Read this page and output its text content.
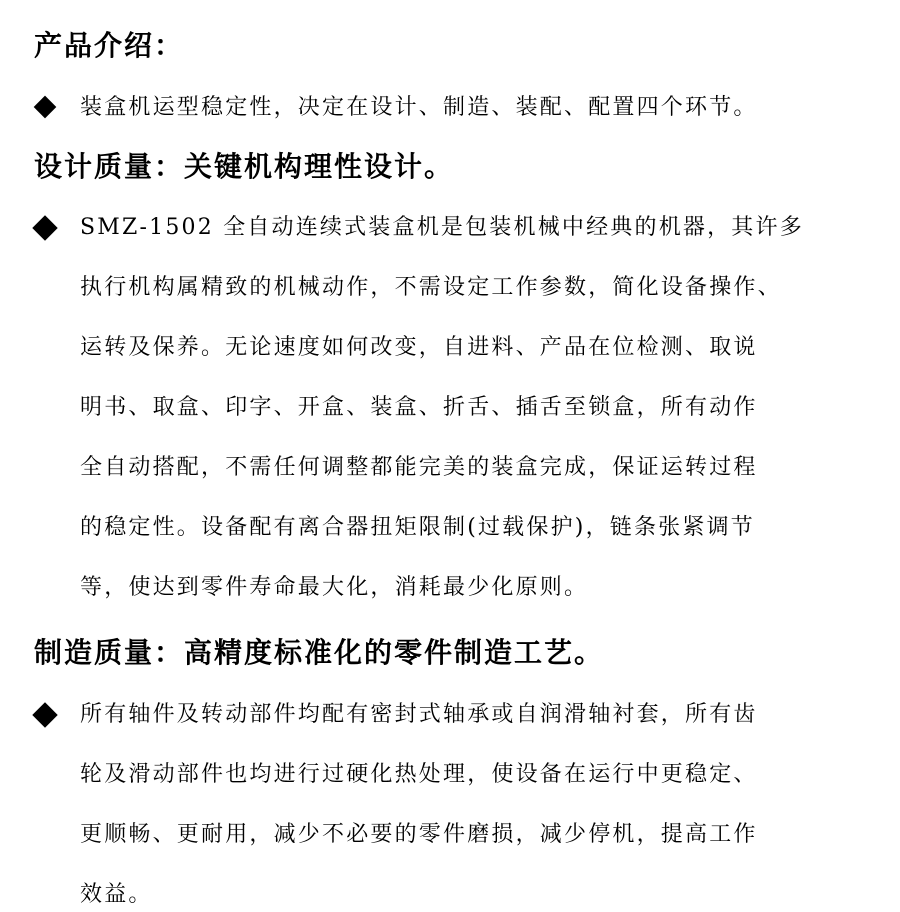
产品介绍：
装盒机运型稳定性，决定在设计、制造、装配、配置四个环节。
设计质量：关键机构理性设计。
SMZ-1502 全自动连续式装盒机是包装机械中经典的机器，其许多
执行机构属精致的机械动作，不需设定工作参数，简化设备操作、
运转及保养。无论速度如何改变，自进料、产品在位检测、取说
明书、取盒、印字、开盒、装盒、折舌、插舌至锁盒，所有动作
全自动搭配，不需任何调整都能完美的装盒完成，保证运转过程
的稳定性。设备配有离合器扭矩限制(过载保护)，链条张紧调节
等，使达到零件寿命最大化，消耗最少化原则。
制造质量：高精度标准化的零件制造工艺。
所有轴件及转动部件均配有密封式轴承或自润滑轴衬套，所有齿
轮及滑动部件也均进行过硬化热处理，使设备在运行中更稳定、
更顺畅、更耐用，减少不必要的零件磨损，减少停机，提高工作
效益。
